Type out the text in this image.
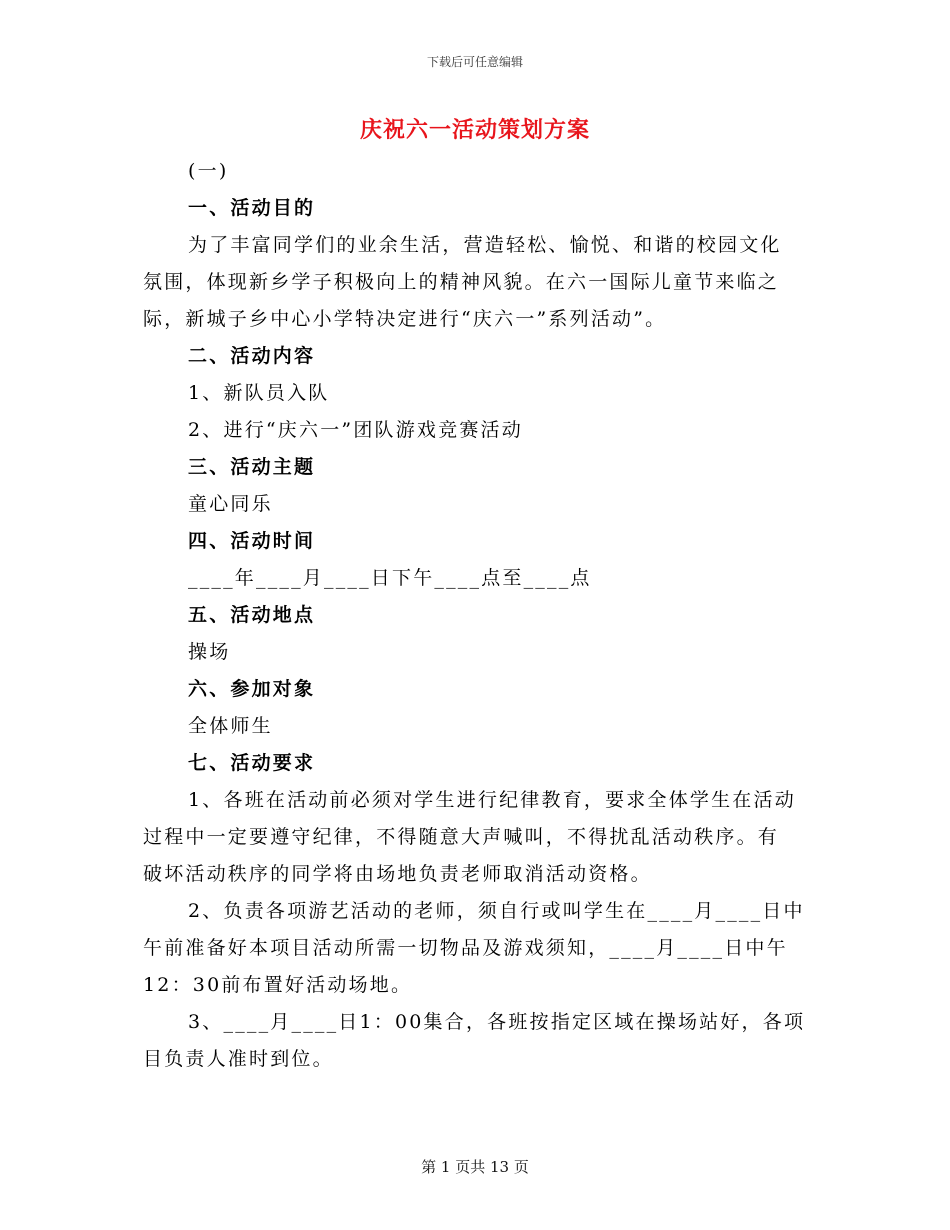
下载后可任意编辑
庆祝六一活动策划方案
(一)
一、活动目的
为了丰富同学们的业余生活，营造轻松、愉悦、和谐的校园文化
氛围，体现新乡学子积极向上的精神风貌。在六一国际儿童节来临之
际，新城子乡中心小学特决定进行“庆六一”系列活动”。
二、活动内容
1、新队员入队
2、进行“庆六一”团队游戏竞赛活动
三、活动主题
童心同乐
四、活动时间
____年____月____日下午____点至____点
五、活动地点
操场
六、参加对象
全体师生
七、活动要求
1、各班在活动前必须对学生进行纪律教育，要求全体学生在活动
过程中一定要遵守纪律，不得随意大声喊叫，不得扰乱活动秩序。有
破坏活动秩序的同学将由场地负责老师取消活动资格。
2、负责各项游艺活动的老师，须自行或叫学生在____月____日中
午前准备好本项目活动所需一切物品及游戏须知，____月____日中午
12：30前布置好活动场地。
3、____月____日1：00集合，各班按指定区域在操场站好，各项
目负责人准时到位。
第 1 页共 13 页
